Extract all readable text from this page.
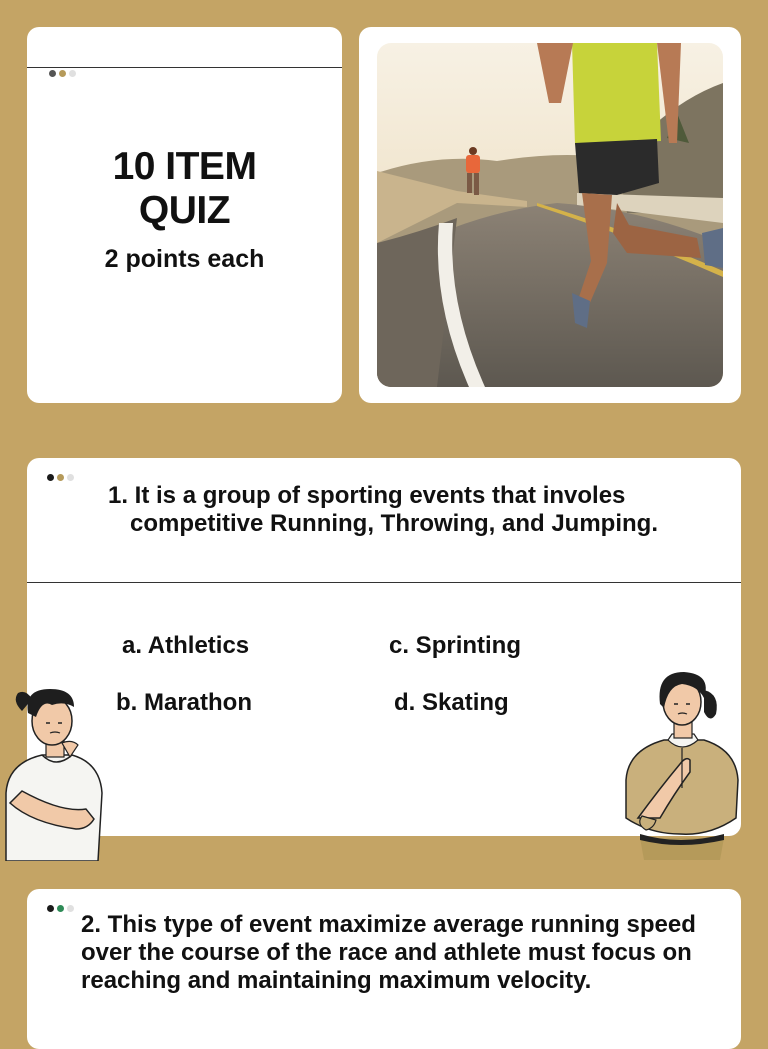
10 ITEM
QUIZ
2 points each
1. It is a group of sporting events that involes competitive Running, Throwing, and Jumping.
a. Athletics
b. Marathon
c. Sprinting
d. Skating
2. This type of event maximize average running speed over the course of the race and athlete must focus on reaching and maintaining maximum velocity.
